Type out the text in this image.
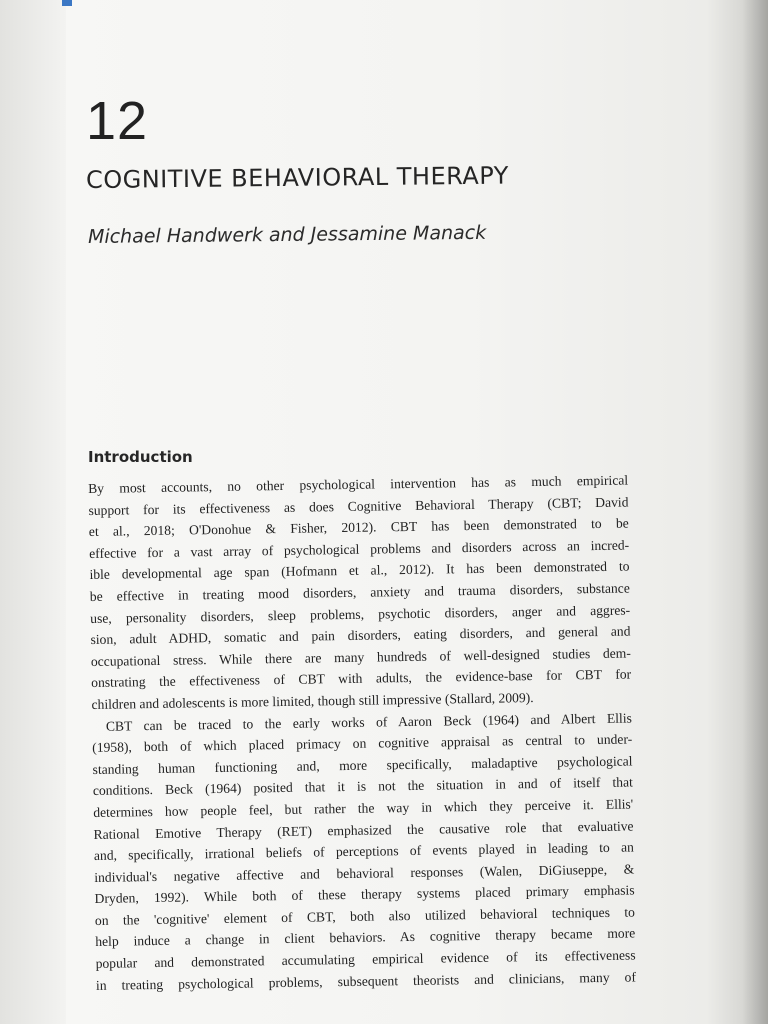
12
COGNITIVE BEHAVIORAL THERAPY
Michael Handwerk and Jessamine Manack
Introduction

By most accounts, no other psychological intervention has as much empirical
support for its effectiveness as does Cognitive Behavioral Therapy (CBT; David
et al., 2018; O'Donohue & Fisher, 2012). CBT has been demonstrated to be
effective for a vast array of psychological problems and disorders across an incred-
ible developmental age span (Hofmann et al., 2012). It has been demonstrated to
be effective in treating mood disorders, anxiety and trauma disorders, substance
use, personality disorders, sleep problems, psychotic disorders, anger and aggres-
sion, adult ADHD, somatic and pain disorders, eating disorders, and general and
occupational stress. While there are many hundreds of well-designed studies dem-
onstrating the effectiveness of CBT with adults, the evidence-base for CBT for
children and adolescents is more limited, though still impressive (Stallard, 2009).

CBT can be traced to the early works of Aaron Beck (1964) and Albert Ellis
(1958), both of which placed primacy on cognitive appraisal as central to under-
standing human functioning and, more specifically, maladaptive psychological
conditions. Beck (1964) posited that it is not the situation in and of itself that
determines how people feel, but rather the way in which they perceive it. Ellis'
Rational Emotive Therapy (RET) emphasized the causative role that evaluative
and, specifically, irrational beliefs of perceptions of events played in leading to an
individual's negative affective and behavioral responses (Walen, DiGiuseppe, &
Dryden, 1992). While both of these therapy systems placed primary emphasis
on the 'cognitive' element of CBT, both also utilized behavioral techniques to
help induce a change in client behaviors. As cognitive therapy became more
popular and demonstrated accumulating empirical evidence of its effectiveness
in treating psychological problems, subsequent theorists and clinicians, many of
